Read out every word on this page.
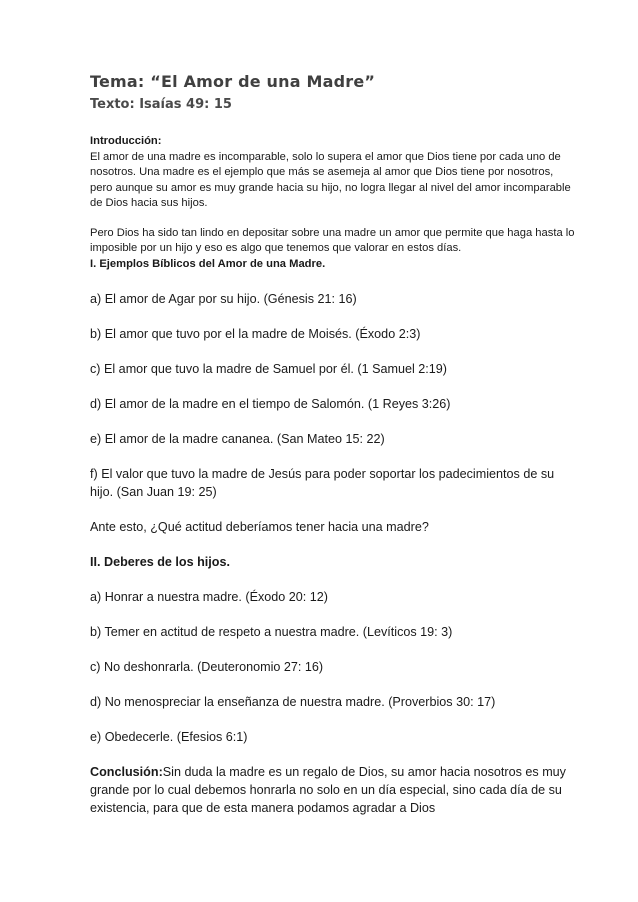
Tema: “El Amor de una Madre”
Texto: Isaías 49: 15

Introducción:

El amor de una madre es incomparable, solo lo supera el amor que Dios tiene por cada uno de nosotros. Una madre es el ejemplo que más se asemeja al amor que Dios tiene por nosotros, pero aunque su amor es muy grande hacia su hijo, no logra llegar al nivel del amor incomparable de Dios hacia sus hijos.

Pero Dios ha sido tan lindo en depositar sobre una madre un amor que permite que haga hasta lo imposible por un hijo y eso es algo que tenemos que valorar en estos días.

I. Ejemplos Bíblicos del Amor de una Madre.

a) El amor de Agar por su hijo. (Génesis 21: 16)

b) El amor que tuvo por el la madre de Moisés. (Éxodo 2:3)

c) El amor que tuvo la madre de Samuel por él. (1 Samuel 2:19)

d) El amor de la madre en el tiempo de Salomón. (1 Reyes 3:26)

e) El amor de la madre cananea. (San Mateo 15: 22)

f) El valor que tuvo la madre de Jesús para poder soportar los padecimientos de su hijo. (San Juan 19: 25)

Ante esto, ¿Qué actitud deberíamos tener hacia una madre?

II. Deberes de los hijos.

a) Honrar a nuestra madre. (Éxodo 20: 12)

b) Temer en actitud de respeto a nuestra madre. (Levíticos 19: 3)

c) No deshonrarla. (Deuteronomio 27: 16)

d) No menospreciar la enseñanza de nuestra madre. (Proverbios 30: 17)

e) Obedecerle. (Efesios 6:1)

Conclusión:Sin duda la madre es un regalo de Dios, su amor hacia nosotros es muy grande por lo cual debemos honrarla no solo en un día especial, sino cada día de su existencia, para que de esta manera podamos agradar a Dios
